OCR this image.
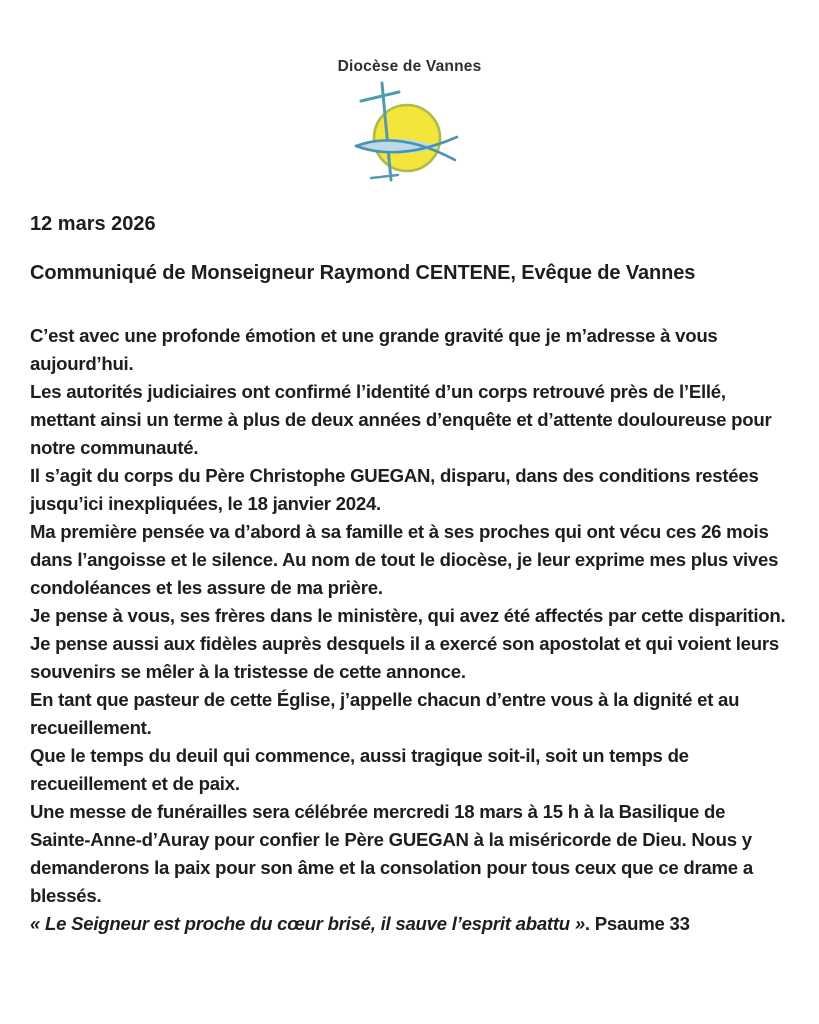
Diocèse de Vannes

12 mars 2026

Communiqué de Monseigneur Raymond CENTENE, Evêque de Vannes

C’est avec une profonde émotion et une grande gravité que je m’adresse à vous aujourd’hui.

Les autorités judiciaires ont confirmé l’identité d’un corps retrouvé près de l’Ellé, mettant ainsi un terme à plus de deux années d’enquête et d’attente douloureuse pour notre communauté.

Il s’agit du corps du Père Christophe GUEGAN, disparu, dans des conditions restées jusqu’ici inexpliquées, le 18 janvier 2024.

Ma première pensée va d’abord à sa famille et à ses proches qui ont vécu ces 26 mois dans l’angoisse et le silence. Au nom de tout le diocèse, je leur exprime mes plus vives condoléances et les assure de ma prière.

Je pense à vous, ses frères dans le ministère, qui avez été affectés par cette disparition.

Je pense aussi aux fidèles auprès desquels il a exercé son apostolat et qui voient leurs souvenirs se mêler à la tristesse de cette annonce.

En tant que pasteur de cette Église, j’appelle chacun d’entre vous à la dignité et au recueillement.

Que le temps du deuil qui commence, aussi tragique soit-il, soit un temps de recueillement et de paix.

Une messe de funérailles sera célébrée mercredi 18 mars à 15 h à la Basilique de Sainte-Anne-d’Auray pour confier le Père GUEGAN à la miséricorde de Dieu. Nous y demanderons la paix pour son âme et la consolation pour tous ceux que ce drame a blessés.

« Le Seigneur est proche du cœur brisé, il sauve l’esprit abattu ». Psaume 33
